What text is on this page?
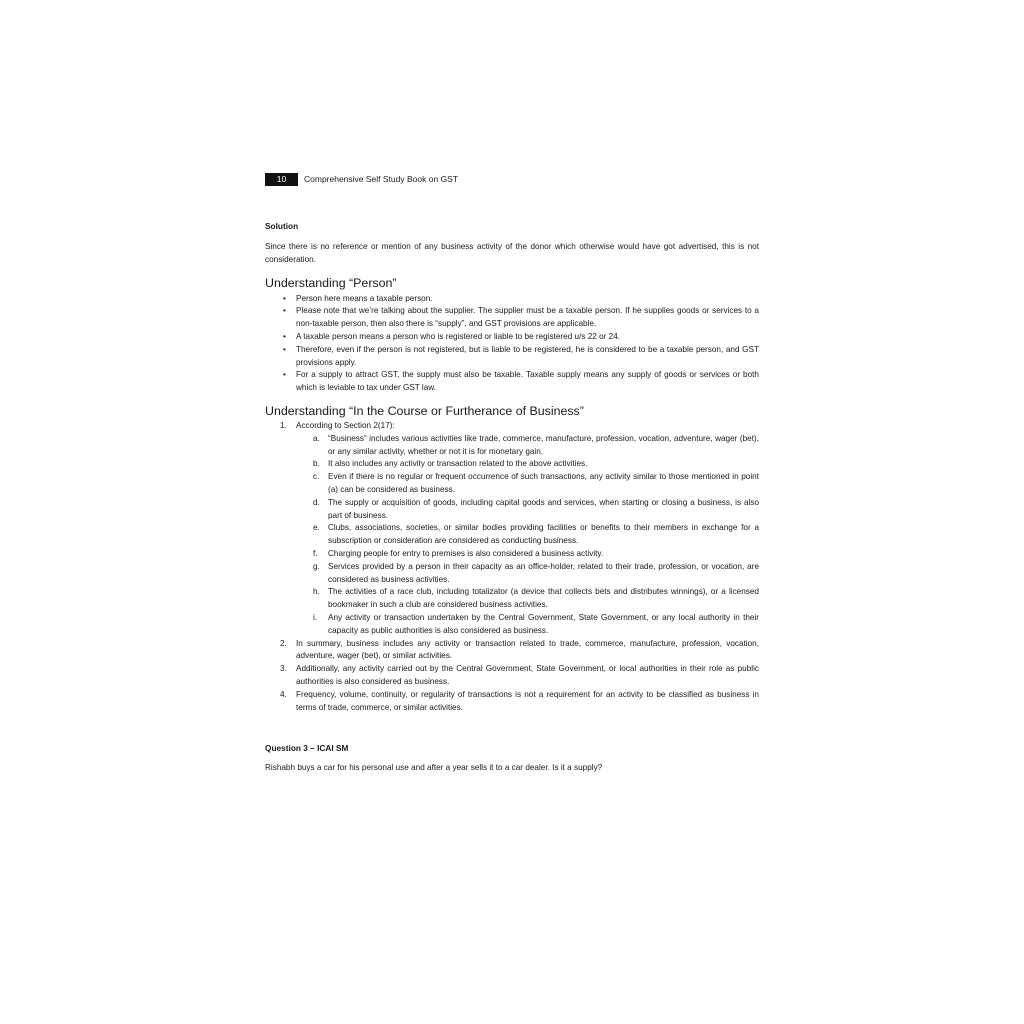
10	Comprehensive Self Study Book on GST
Solution
Since there is no reference or mention of any business activity of the donor which otherwise would have got advertised, this is not consideration.
Understanding “Person”
• Person here means a taxable person.
• Please note that we’re talking about the supplier. The supplier must be a taxable person. If he supplies goods or services to a non-taxable person, then also there is “supply”, and GST provisions are applicable.
• A taxable person means a person who is registered or liable to be registered u/s 22 or 24.
• Therefore, even if the person is not registered, but is liable to be registered, he is considered to be a taxable person, and GST provisions apply.
• For a supply to attract GST, the supply must also be taxable. Taxable supply means any supply of goods or services or both which is leviable to tax under GST law.
Understanding “In the Course or Furtherance of Business”
1. According to Section 2(17):
a. “Business” includes various activities like trade, commerce, manufacture, profession, vocation, adventure, wager (bet), or any similar activity, whether or not it is for monetary gain.
b. It also includes any activity or transaction related to the above activities.
c. Even if there is no regular or frequent occurrence of such transactions, any activity similar to those mentioned in point (a) can be considered as business.
d. The supply or acquisition of goods, including capital goods and services, when starting or closing a business, is also part of business.
e. Clubs, associations, societies, or similar bodies providing facilities or benefits to their members in exchange for a subscription or consideration are considered as conducting business.
f. Charging people for entry to premises is also considered a business activity.
g. Services provided by a person in their capacity as an office-holder, related to their trade, profession, or vocation, are considered as business activities.
h. The activities of a race club, including totalizator (a device that collects bets and distributes winnings), or a licensed bookmaker in such a club are considered business activities.
i. Any activity or transaction undertaken by the Central Government, State Government, or any local authority in their capacity as public authorities is also considered as business.
2. In summary, business includes any activity or transaction related to trade, commerce, manufacture, profession, vocation, adventure, wager (bet), or similar activities.
3. Additionally, any activity carried out by the Central Government, State Government, or local authorities in their role as public authorities is also considered as business.
4. Frequency, volume, continuity, or regularity of transactions is not a requirement for an activity to be classified as business in terms of trade, commerce, or similar activities.
Question 3 – ICAI SM
Rishabh buys a car for his personal use and after a year sells it to a car dealer. Is it a supply?
